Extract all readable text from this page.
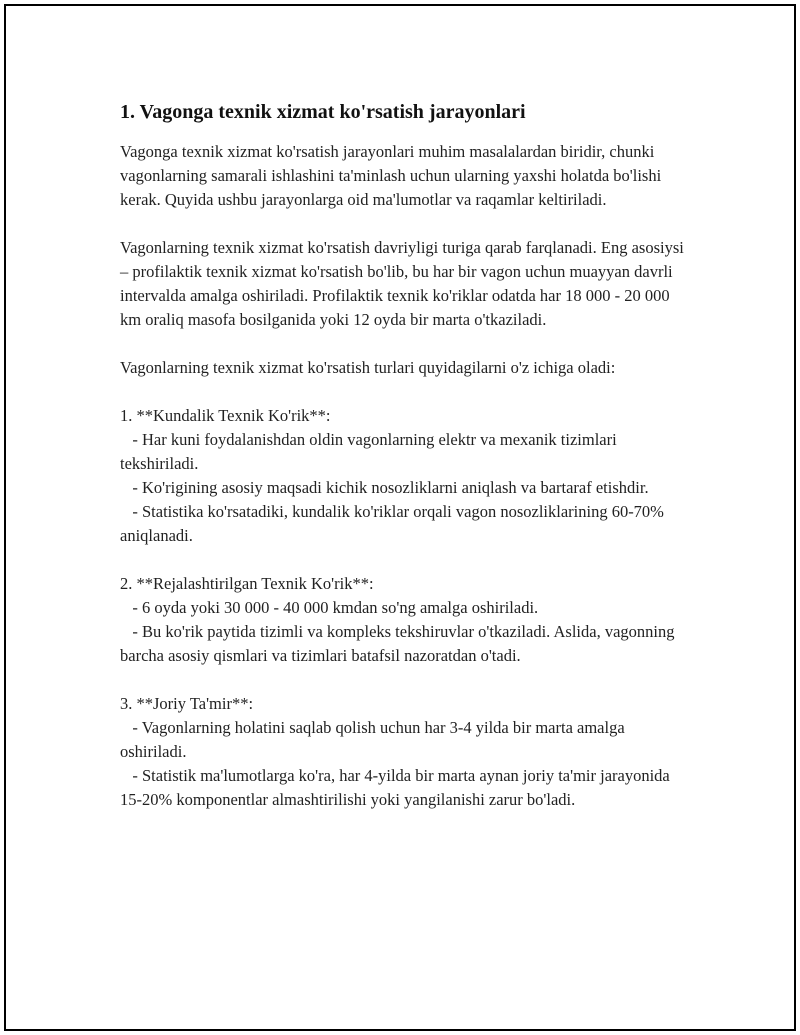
1. Vagonga texnik xizmat ko'rsatish jarayonlari

Vagonga texnik xizmat ko'rsatish jarayonlari muhim masalalardan biridir, chunki vagonlarning samarali ishlashini ta'minlash uchun ularning yaxshi holatda bo'lishi kerak. Quyida ushbu jarayonlarga oid ma'lumotlar va raqamlar keltiriladi.

Vagonlarning texnik xizmat ko'rsatish davriyligi turiga qarab farqlanadi. Eng asosiysi – profilaktik texnik xizmat ko'rsatish bo'lib, bu har bir vagon uchun muayyan davrli intervalda amalga oshiriladi. Profilaktik texnik ko'riklar odatda har 18 000 - 20 000 km oraliq masofa bosilganida yoki 12 oyda bir marta o'tkaziladi.

Vagonlarning texnik xizmat ko'rsatish turlari quyidagilarni o'z ichiga oladi:

1. **Kundalik Texnik Ko'rik**:

- Har kuni foydalanishdan oldin vagonlarning elektr va mexanik tizimlari tekshiriladi.

- Ko'rigining asosiy maqsadi kichik nosozliklarni aniqlash va bartaraf etishdir.

- Statistika ko'rsatadiki, kundalik ko'riklar orqali vagon nosozliklarining 60-70% aniqlanadi.

2. **Rejalashtirilgan Texnik Ko'rik**:

- 6 oyda yoki 30 000 - 40 000 kmdan so'ng amalga oshiriladi.

- Bu ko'rik paytida tizimli va kompleks tekshiruvlar o'tkaziladi. Aslida, vagonning barcha asosiy qismlari va tizimlari batafsil nazoratdan o'tadi.

3. **Joriy Ta'mir**:

- Vagonlarning holatini saqlab qolish uchun har 3-4 yilda bir marta amalga oshiriladi.

- Statistik ma'lumotlarga ko'ra, har 4-yilda bir marta aynan joriy ta'mir jarayonida 15-20% komponentlar almashtirilishi yoki yangilanishi zarur bo'ladi.
